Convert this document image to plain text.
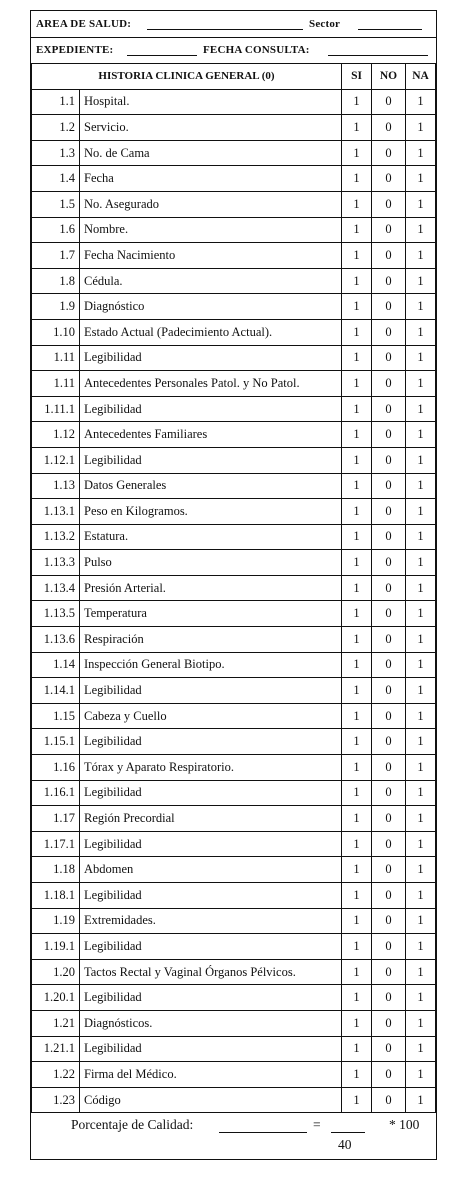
AREA DE SALUD:	Sector
EXPEDIENTE:	FECHA CONSULTA:
HISTORIA CLINICA GENERAL (0)		SI	NO	NA
1.1	Hospital.	1	0	1
1.2	Servicio.	1	0	1
1.3	No. de Cama	1	0	1
1.4	Fecha	1	0	1
1.5	No. Asegurado	1	0	1
1.6	Nombre.	1	0	1
1.7	Fecha Nacimiento	1	0	1
1.8	Cédula.	1	0	1
1.9	Diagnóstico	1	0	1
1.10	Estado Actual (Padecimiento Actual).	1	0	1
1.11	Legibilidad	1	0	1
1.11	Antecedentes Personales Patol. y No Patol.	1	0	1
1.11.1	Legibilidad	1	0	1
1.12	Antecedentes Familiares	1	0	1
1.12.1	Legibilidad	1	0	1
1.13	Datos Generales	1	0	1
1.13.1	Peso en Kilogramos.	1	0	1
1.13.2	Estatura.	1	0	1
1.13.3	Pulso	1	0	1
1.13.4	Presión Arterial.	1	0	1
1.13.5	Temperatura	1	0	1
1.13.6	Respiración	1	0	1
1.14	Inspección General Biotipo.	1	0	1
1.14.1	Legibilidad	1	0	1
1.15	Cabeza y Cuello	1	0	1
1.15.1	Legibilidad	1	0	1
1.16	Tórax y Aparato Respiratorio.	1	0	1
1.16.1	Legibilidad	1	0	1
1.17	Región Precordial	1	0	1
1.17.1	Legibilidad	1	0	1
1.18	Abdomen	1	0	1
1.18.1	Legibilidad	1	0	1
1.19	Extremidades.	1	0	1
1.19.1	Legibilidad	1	0	1
1.20	Tactos Rectal y Vaginal Órganos Pélvicos.	1	0	1
1.20.1	Legibilidad	1	0	1
1.21	Diagnósticos.	1	0	1
1.21.1	Legibilidad	1	0	1
1.22	Firma del Médico.	1	0	1
1.23	Código	1	0	1
Porcentaje de Calidad:	=
40
* 100
